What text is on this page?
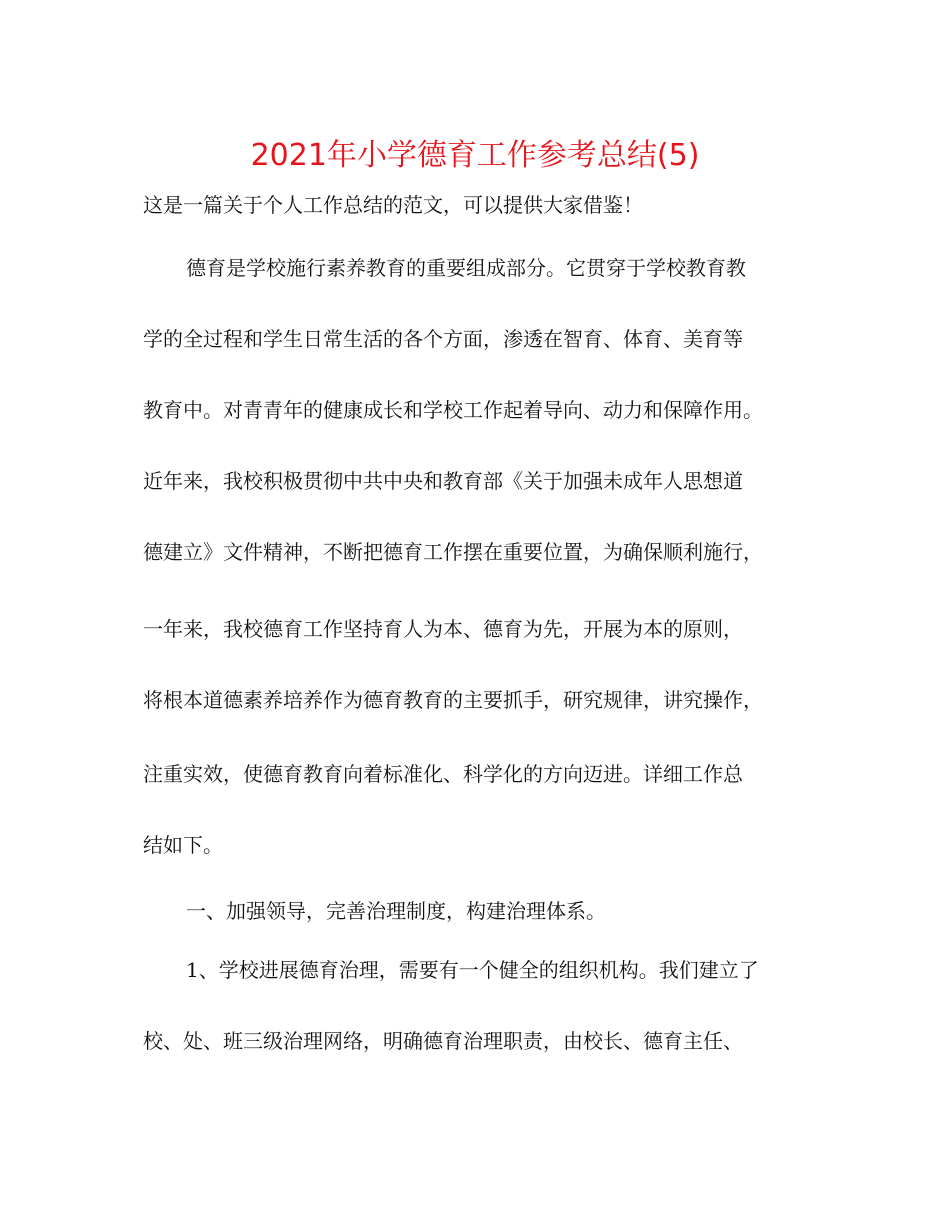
2021年小学德育工作参考总结(5)
这是一篇关于个人工作总结的范文，可以提供大家借鉴！
德育是学校施行素养教育的重要组成部分。它贯穿于学校教育教
学的全过程和学生日常生活的各个方面，渗透在智育、体育、美育等
教育中。对青青年的健康成长和学校工作起着导向、动力和保障作用。
近年来，我校积极贯彻中共中央和教育部《关于加强未成年人思想道
德建立》文件精神，不断把德育工作摆在重要位置，为确保顺利施行，
一年来，我校德育工作坚持育人为本、德育为先，开展为本的原则，
将根本道德素养培养作为德育教育的主要抓手，研究规律，讲究操作，
注重实效，使德育教育向着标准化、科学化的方向迈进。详细工作总
结如下。
一、加强领导，完善治理制度，构建治理体系。
1、学校进展德育治理，需要有一个健全的组织机构。我们建立了
校、处、班三级治理网络，明确德育治理职责，由校长、德育主任、
